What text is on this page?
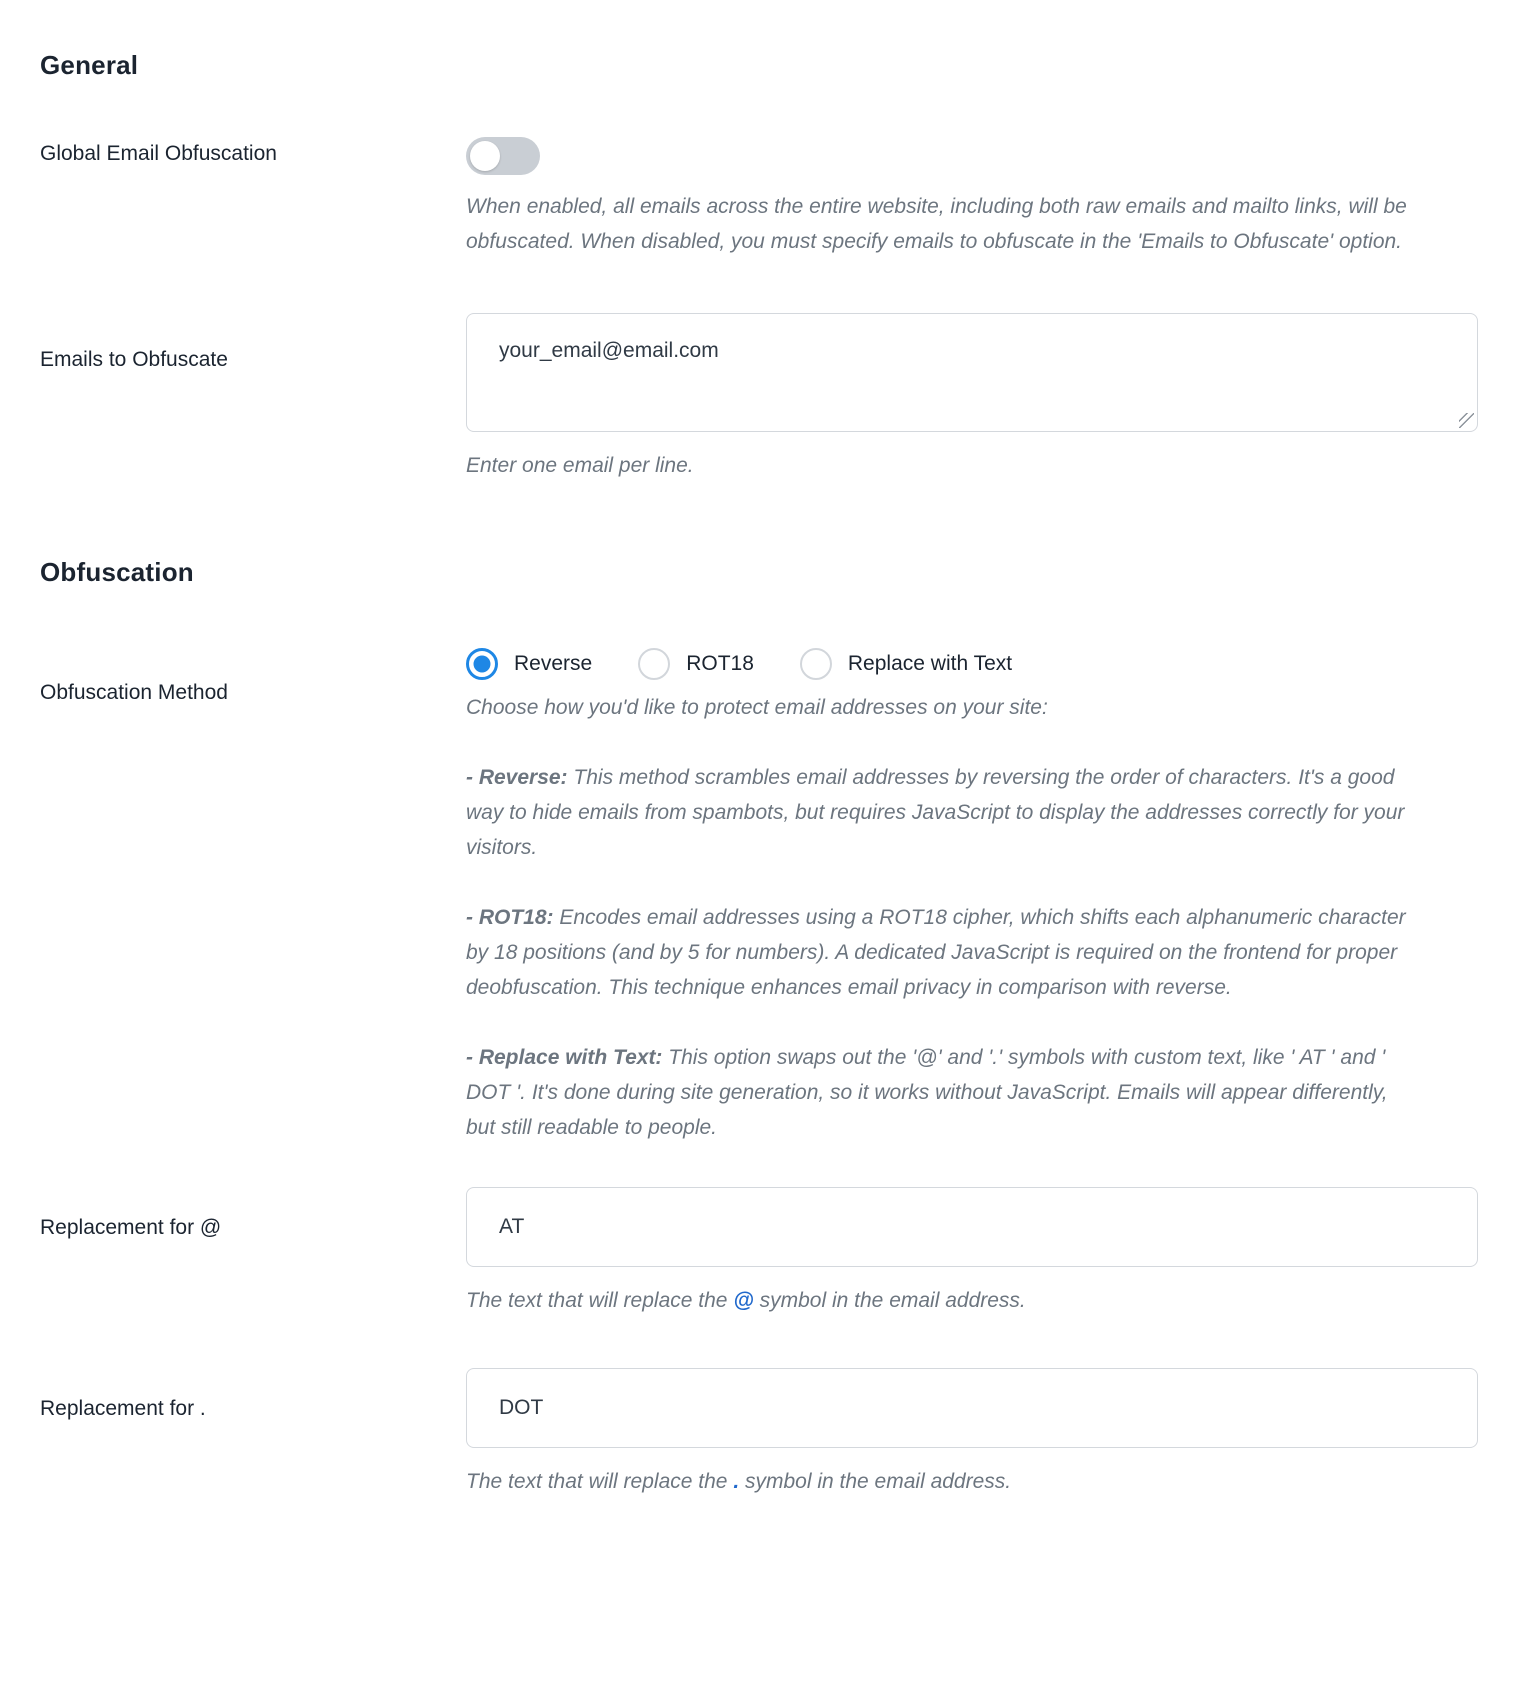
General
Global Email Obfuscation
When enabled, all emails across the entire website, including both raw emails and mailto links, will be obfuscated. When disabled, you must specify emails to obfuscate in the 'Emails to Obfuscate' option.
Emails to Obfuscate
your_email@email.com
Enter one email per line.
Obfuscation
Obfuscation Method
Reverse	ROT18	Replace with Text
Choose how you'd like to protect email addresses on your site:
- Reverse: This method scrambles email addresses by reversing the order of characters. It's a good way to hide emails from spambots, but requires JavaScript to display the addresses correctly for your visitors.
- ROT18: Encodes email addresses using a ROT18 cipher, which shifts each alphanumeric character by 18 positions (and by 5 for numbers). A dedicated JavaScript is required on the frontend for proper deobfuscation. This technique enhances email privacy in comparison with reverse.
- Replace with Text: This option swaps out the '@' and '.' symbols with custom text, like ' AT ' and ' DOT '. It's done during site generation, so it works without JavaScript. Emails will appear differently, but still readable to people.
Replacement for @
AT
The text that will replace the @ symbol in the email address.
Replacement for .
DOT
The text that will replace the . symbol in the email address.
